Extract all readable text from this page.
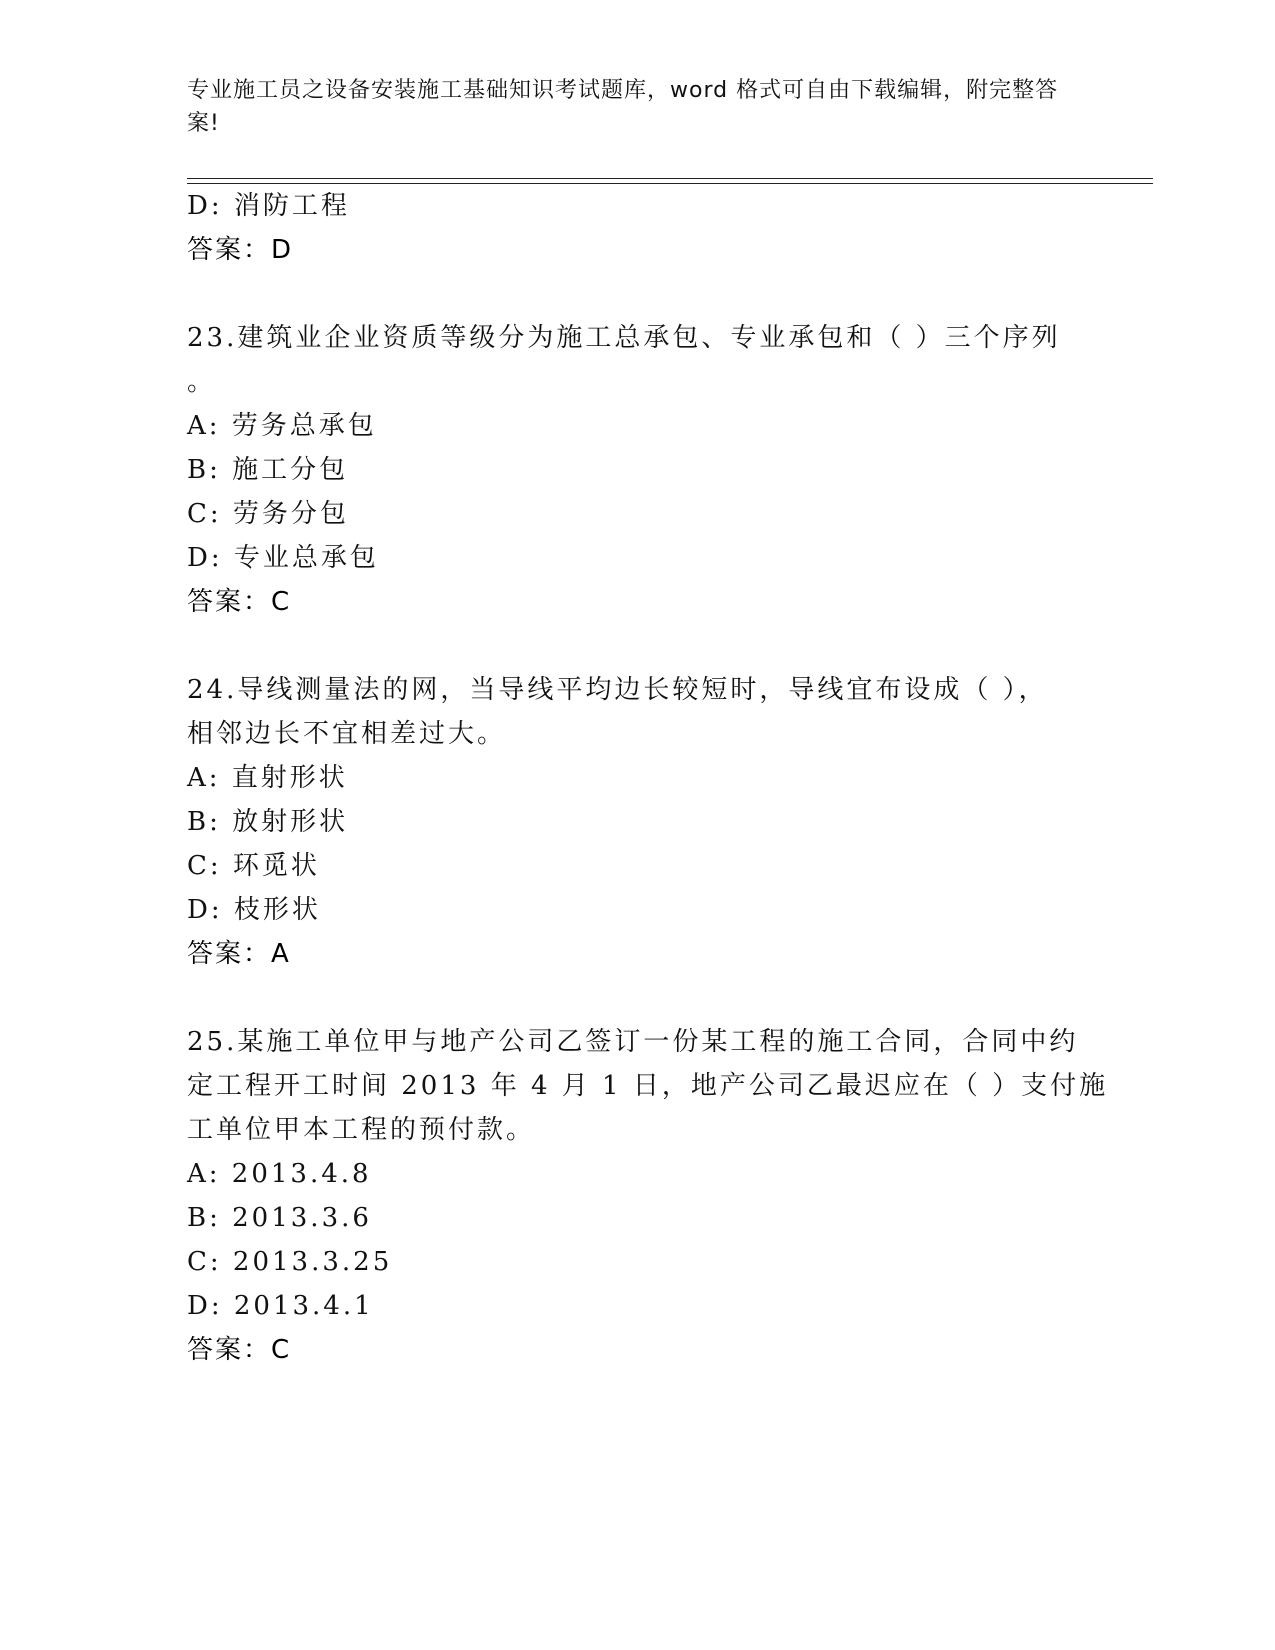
专业施工员之设备安装施工基础知识考试题库，word 格式可自由下载编辑，附完整答案!
D: 消防工程
答案：D
23.建筑业企业资质等级分为施工总承包、专业承包和（ ）三个序列
。
A: 劳务总承包
B: 施工分包
C: 劳务分包
D: 专业总承包
答案：C
24.导线测量法的网，当导线平均边长较短时，导线宜布设成（ ），
相邻边长不宜相差过大。
A: 直射形状
B: 放射形状
C: 环觅状
D: 枝形状
答案：A
25.某施工单位甲与地产公司乙签订一份某工程的施工合同，合同中约
定工程开工时间 2013 年 4 月 1 日，地产公司乙最迟应在（ ）支付施
工单位甲本工程的预付款。
A: 2013.4.8
B: 2013.3.6
C: 2013.3.25
D: 2013.4.1
答案：C
